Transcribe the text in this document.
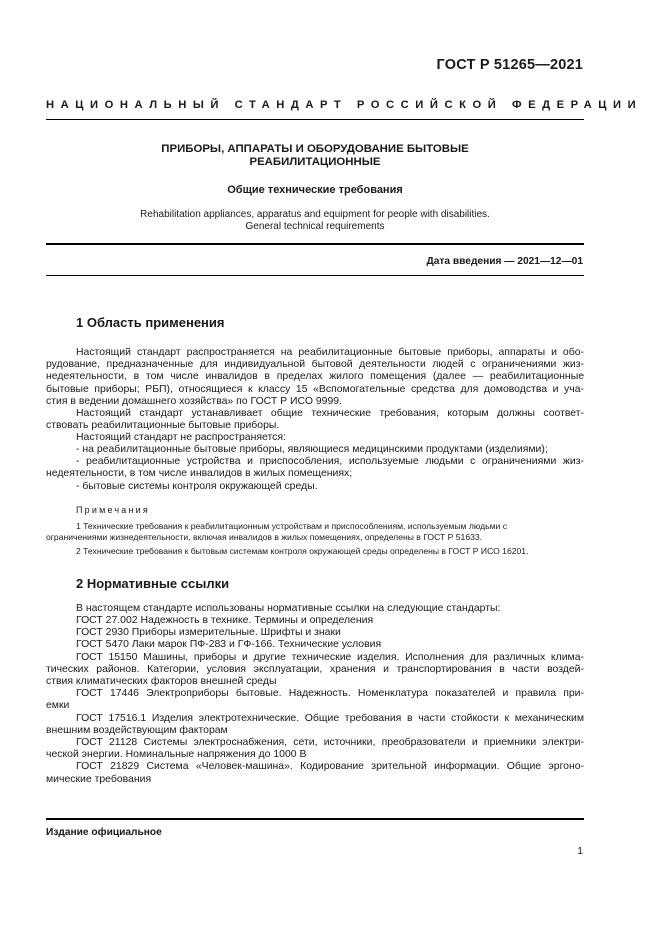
ГОСТ Р 51265—2021
НАЦИОНАЛЬНЫЙ СТАНДАРТ РОССИЙСКОЙ ФЕДЕРАЦИИ
ПРИБОРЫ, АППАРАТЫ И ОБОРУДОВАНИЕ БЫТОВЫЕ
РЕАБИЛИТАЦИОННЫЕ
Общие технические требования
Rehabilitation appliances, apparatus and equipment for people with disabilities.
General technical requirements
Дата введения — 2021—12—01
1 Область применения
Настоящий стандарт распространяется на реабилитационные бытовые приборы, аппараты и обо-
рудование, предназначенные для индивидуальной бытовой деятельности людей с ограничениями жиз-
недеятельности, в том числе инвалидов в пределах жилого помещения (далее — реабилитационные
бытовые приборы; РБП), относящиеся к классу 15 «Вспомогательные средства для домоводства и уча-
стия в ведении домашнего хозяйства» по ГОСТ Р ИСО 9999.
Настоящий стандарт устанавливает общие технические требования, которым должны соответ-
ствовать реабилитационные бытовые приборы.
Настоящий стандарт не распространяется:
- на реабилитационные бытовые приборы, являющиеся медицинскими продуктами (изделиями);
- реабилитационные устройства и приспособления, используемые людьми с ограничениями жиз-
недеятельности, в том числе инвалидов в жилых помещениях;
- бытовые системы контроля окружающей среды.
Примечания
1 Технические требования к реабилитационным устройствам и приспособлениям, используемым людьми с
ограничениями жизнедеятельности, включая инвалидов в жилых помещениях, определены в ГОСТ Р 51633.
2 Технические требования к бытовым системам контроля окружающей среды определены в ГОСТ Р ИСО 16201.
2 Нормативные ссылки
В настоящем стандарте использованы нормативные ссылки на следующие стандарты:
ГОСТ 27.002 Надежность в технике. Термины и определения
ГОСТ 2930 Приборы измерительные. Шрифты и знаки
ГОСТ 5470 Лаки марок ПФ-283 и ГФ-166. Технические условия
ГОСТ 15150 Машины, приборы и другие технические изделия. Исполнения для различных климa-
тических районов. Категории, условия эксплуатации, хранения и транспортирования в части воздей-
ствия климатических факторов внешней среды
ГОСТ 17446 Электроприборы бытовые. Надежность. Номенклатура показателей и правила при-
емки
ГОСТ 17516.1 Изделия электротехнические. Общие требования в части стойкости к механическим
внешним воздействующим факторам
ГОСТ 21128 Системы электроснабжения, сети, источники, преобразователи и приемники электри-
ческой энергии. Номинальные напряжения до 1000 В
ГОСТ 21829 Система «Человек-машина». Кодирование зрительной информации. Общие эргоно-
мические требования
Издание официальное
1
